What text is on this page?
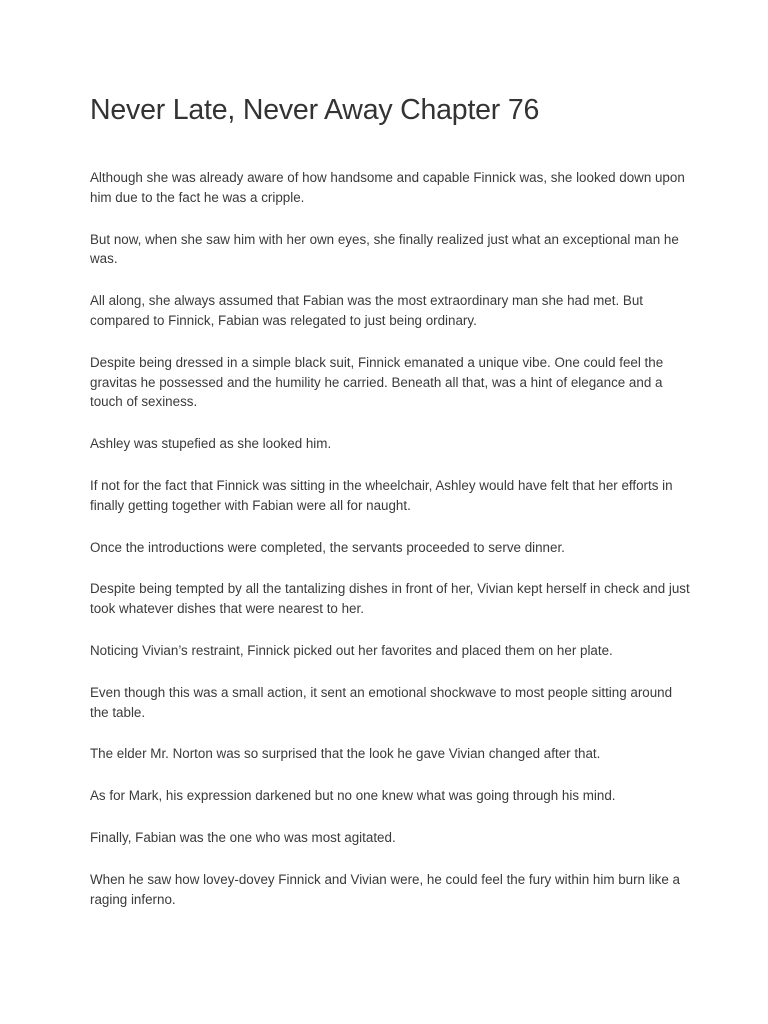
Never Late, Never Away Chapter 76

Although she was already aware of how handsome and capable Finnick was, she looked down upon him due to the fact he was a cripple.

But now, when she saw him with her own eyes, she finally realized just what an exceptional man he was.

All along, she always assumed that Fabian was the most extraordinary man she had met. But compared to Finnick, Fabian was relegated to just being ordinary.

Despite being dressed in a simple black suit, Finnick emanated a unique vibe. One could feel the gravitas he possessed and the humility he carried. Beneath all that, was a hint of elegance and a touch of sexiness.

Ashley was stupefied as she looked him.

If not for the fact that Finnick was sitting in the wheelchair, Ashley would have felt that her efforts in finally getting together with Fabian were all for naught.

Once the introductions were completed, the servants proceeded to serve dinner.

Despite being tempted by all the tantalizing dishes in front of her, Vivian kept herself in check and just took whatever dishes that were nearest to her.

Noticing Vivian’s restraint, Finnick picked out her favorites and placed them on her plate.

Even though this was a small action, it sent an emotional shockwave to most people sitting around the table.

The elder Mr. Norton was so surprised that the look he gave Vivian changed after that.

As for Mark, his expression darkened but no one knew what was going through his mind.

Finally, Fabian was the one who was most agitated.

When he saw how lovey-dovey Finnick and Vivian were, he could feel the fury within him burn like a raging inferno.
